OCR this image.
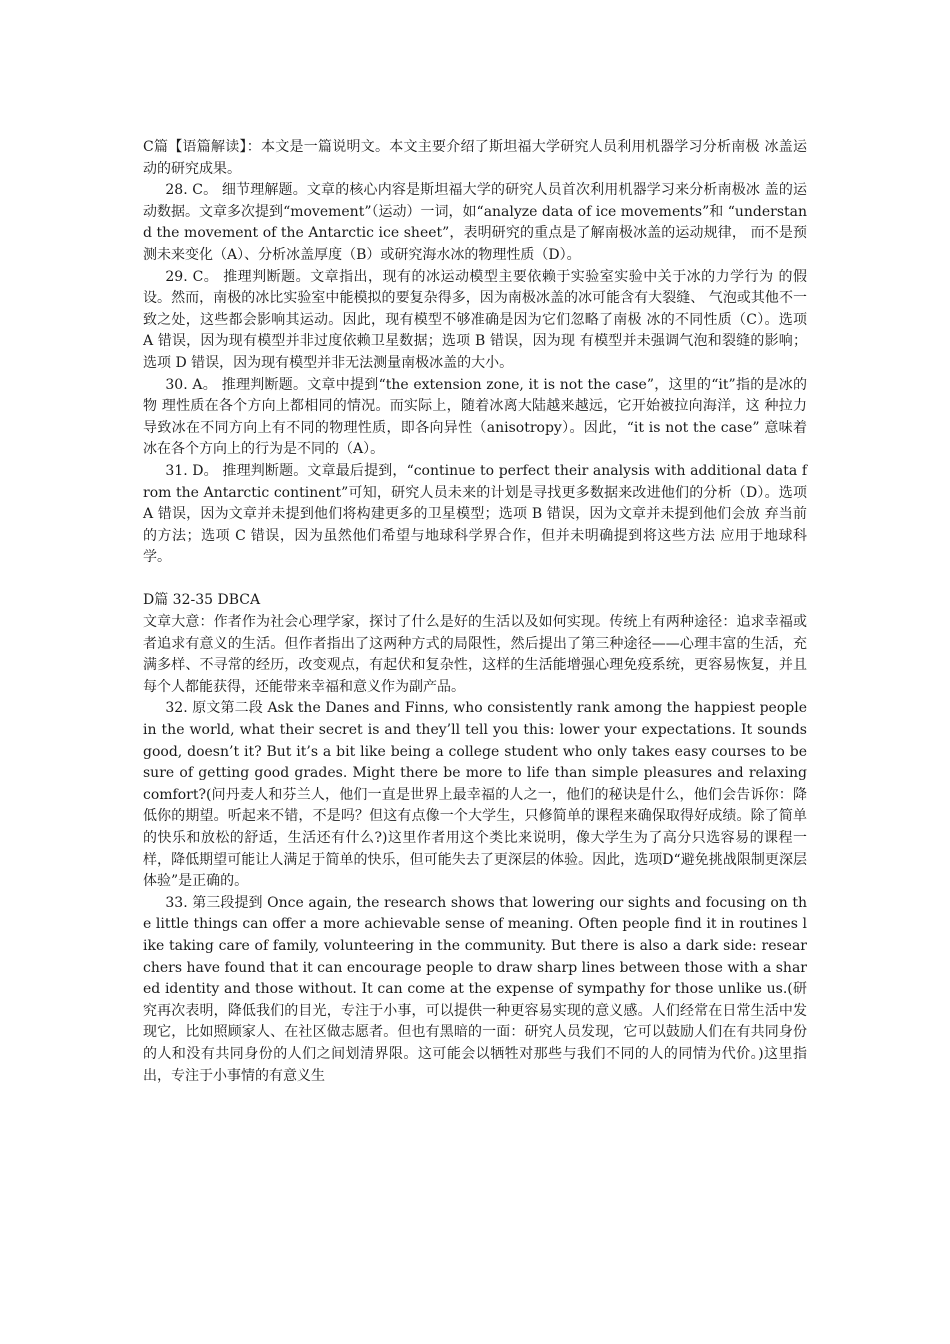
C篇【语篇解读】：本文是一篇说明文。本文主要介绍了斯坦福大学研究人员利用机器学习分析南极 冰盖运动的研究成果。

28. C。 细节理解题。文章的核心内容是斯坦福大学的研究人员首次利用机器学习来分析南极冰 盖的运动数据。文章多次提到“movement”（运动）一词，如“analyze data of ice movements”和 “understand the movement of the Antarctic ice sheet”，表明研究的重点是了解南极冰盖的运动规律， 而不是预测未来变化（A）、分析冰盖厚度（B）或研究海水冰的物理性质（D）。

29. C。 推理判断题。文章指出，现有的冰运动模型主要依赖于实验室实验中关于冰的力学行为 的假设。然而，南极的冰比实验室中能模拟的要复杂得多，因为南极冰盖的冰可能含有大裂缝、 气泡或其他不一致之处，这些都会影响其运动。因此，现有模型不够准确是因为它们忽略了南极 冰的不同性质（C）。选项 A 错误，因为现有模型并非过度依赖卫星数据；选项 B 错误，因为现 有模型并未强调气泡和裂缝的影响；选项 D 错误，因为现有模型并非无法测量南极冰盖的大小。

30. A。 推理判断题。文章中提到“the extension zone, it is not the case”，这里的“it”指的是冰的物 理性质在各个方向上都相同的情况。而实际上，随着冰离大陆越来越远，它开始被拉向海洋，这 种拉力导致冰在不同方向上有不同的物理性质，即各向异性（anisotropy）。因此，“it is not the case” 意味着冰在各个方向上的行为是不同的（A）。

31. D。 推理判断题。文章最后提到，“continue to perfect their analysis with additional data from the Antarctic continent”可知，研究人员未来的计划是寻找更多数据来改进他们的分析（D）。选项 A 错误，因为文章并未提到他们将构建更多的卫星模型；选项 B 错误，因为文章并未提到他们会放 弃当前的方法；选项 C 错误，因为虽然他们希望与地球科学界合作，但并未明确提到将这些方法 应用于地球科学。

D篇 32-35 DBCA

文章大意：作者作为社会心理学家，探讨了什么是好的生活以及如何实现。传统上有两种途径：追求幸福或者追求有意义的生活。但作者指出了这两种方式的局限性，然后提出了第三种途径——心理丰富的生活，充满多样、不寻常的经历，改变观点，有起伏和复杂性，这样的生活能增强心理免疫系统，更容易恢复，并且每个人都能获得，还能带来幸福和意义作为副产品。

32. 原文第二段 Ask the Danes and Finns, who consistently rank among the happiest people in the world, what their secret is and they’ll tell you this: lower your expectations. It sounds good, doesn’t it? But it’s a bit like being a college student who only takes easy courses to be sure of getting good grades. Might there be more to life than simple pleasures and relaxing comfort?(问丹麦人和芬兰人，他们一直是世界上最幸福的人之一，他们的秘诀是什么，他们会告诉你：降低你的期望。听起来不错，不是吗？但这有点像一个大学生，只修简单的课程来确保取得好成绩。除了简单的快乐和放松的舒适，生活还有什么?)这里作者用这个类比来说明，像大学生为了高分只选容易的课程一样，降低期望可能让人满足于简单的快乐，但可能失去了更深层的体验。因此，选项D“避免挑战限制更深层体验”是正确的。

33. 第三段提到 Once again, the research shows that lowering our sights and focusing on the little things can offer a more achievable sense of meaning. Often people find it in routines like taking care of family, volunteering in the community. But there is also a dark side: researchers have found that it can encourage people to draw sharp lines between those with a shared identity and those without. It can come at the expense of sympathy for those unlike us.(研究再次表明，降低我们的目光，专注于小事，可以提供一种更容易实现的意义感。人们经常在日常生活中发现它，比如照顾家人、在社区做志愿者。但也有黑暗的一面：研究人员发现，它可以鼓励人们在有共同身份的人和没有共同身份的人们之间划清界限。这可能会以牺牲对那些与我们不同的人的同情为代价。)这里指出，专注于小事情的有意义生
